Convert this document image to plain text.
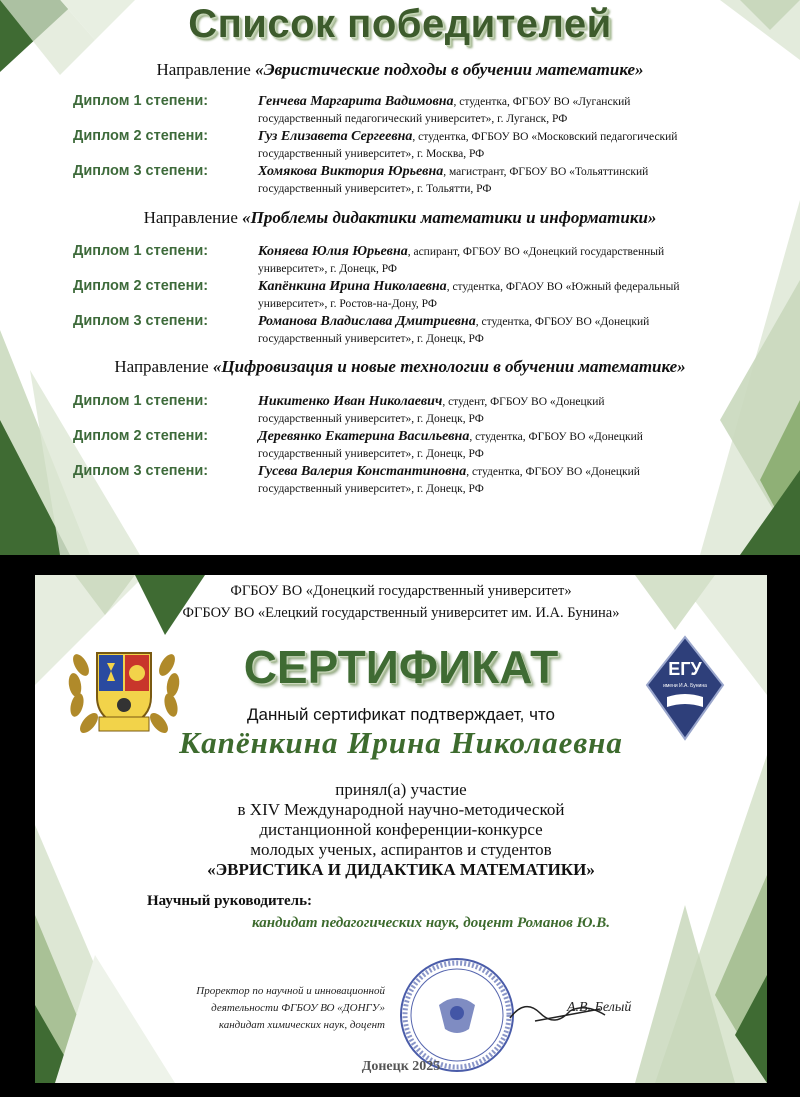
Список победителей
Направление «Эвристические подходы в обучении математике»
Диплом 1 степени:	Генчева Маргарита Вадимовна, студентка, ФГБОУ ВО «Луганский
государственный педагогический университет», г. Луганск, РФ
Диплом 2 степени:	Гуз Елизавета Сергеевна, студентка, ФГБОУ ВО «Московский педагогический
государственный университет», г. Москва, РФ
Диплом 3 степени:	Хомякова Виктория Юрьевна, магистрант, ФГБОУ ВО «Тольяттинский
государственный университет», г. Тольятти, РФ
Направление «Проблемы дидактики математики и информатики»
Диплом 1 степени:	Коняева Юлия Юрьевна, аспирант, ФГБОУ ВО «Донецкий государственный
университет», г. Донецк, РФ
Диплом 2 степени:	Капёнкина Ирина Николаевна, студентка, ФГАОУ ВО «Южный федеральный
университет», г. Ростов-на-Дону, РФ
Диплом 3 степени:	Романова Владислава Дмитриевна, студентка, ФГБОУ ВО «Донецкий
государственный университет», г. Донецк, РФ
Направление «Цифровизация и новые технологии в обучении математике»
Диплом 1 степени:	Никитенко Иван Николаевич, студент, ФГБОУ ВО «Донецкий
государственный университет», г. Донецк, РФ
Диплом 2 степени:	Деревянко Екатерина Васильевна, студентка, ФГБОУ ВО «Донецкий
государственный университет», г. Донецк, РФ
Диплом 3 степени:	Гусева Валерия Константиновна, студентка, ФГБОУ ВО «Донецкий
государственный университет», г. Донецк, РФ
ФГБОУ ВО «Донецкий государственный университет»
ФГБОУ ВО «Елецкий государственный университет им. И.А. Бунина»
ЕГУ
имени И.А. Бунина
СЕРТИФИКАТ
Данный сертификат подтверждает, что
Капёнкина Ирина Николаевна
принял(а) участие
в XIV Международной научно-методической
дистанционной конференции-конкурсе
молодых ученых, аспирантов и студентов
«ЭВРИСТИКА И ДИДАКТИКА МАТЕМАТИКИ»
Научный руководитель:
кандидат педагогических наук, доцент Романов Ю.В.
Проректор по научной и инновационной
деятельности ФГБОУ ВО «ДОНГУ»
кандидат химических наук, доцент
А.В. Белый
Донецк 2025
